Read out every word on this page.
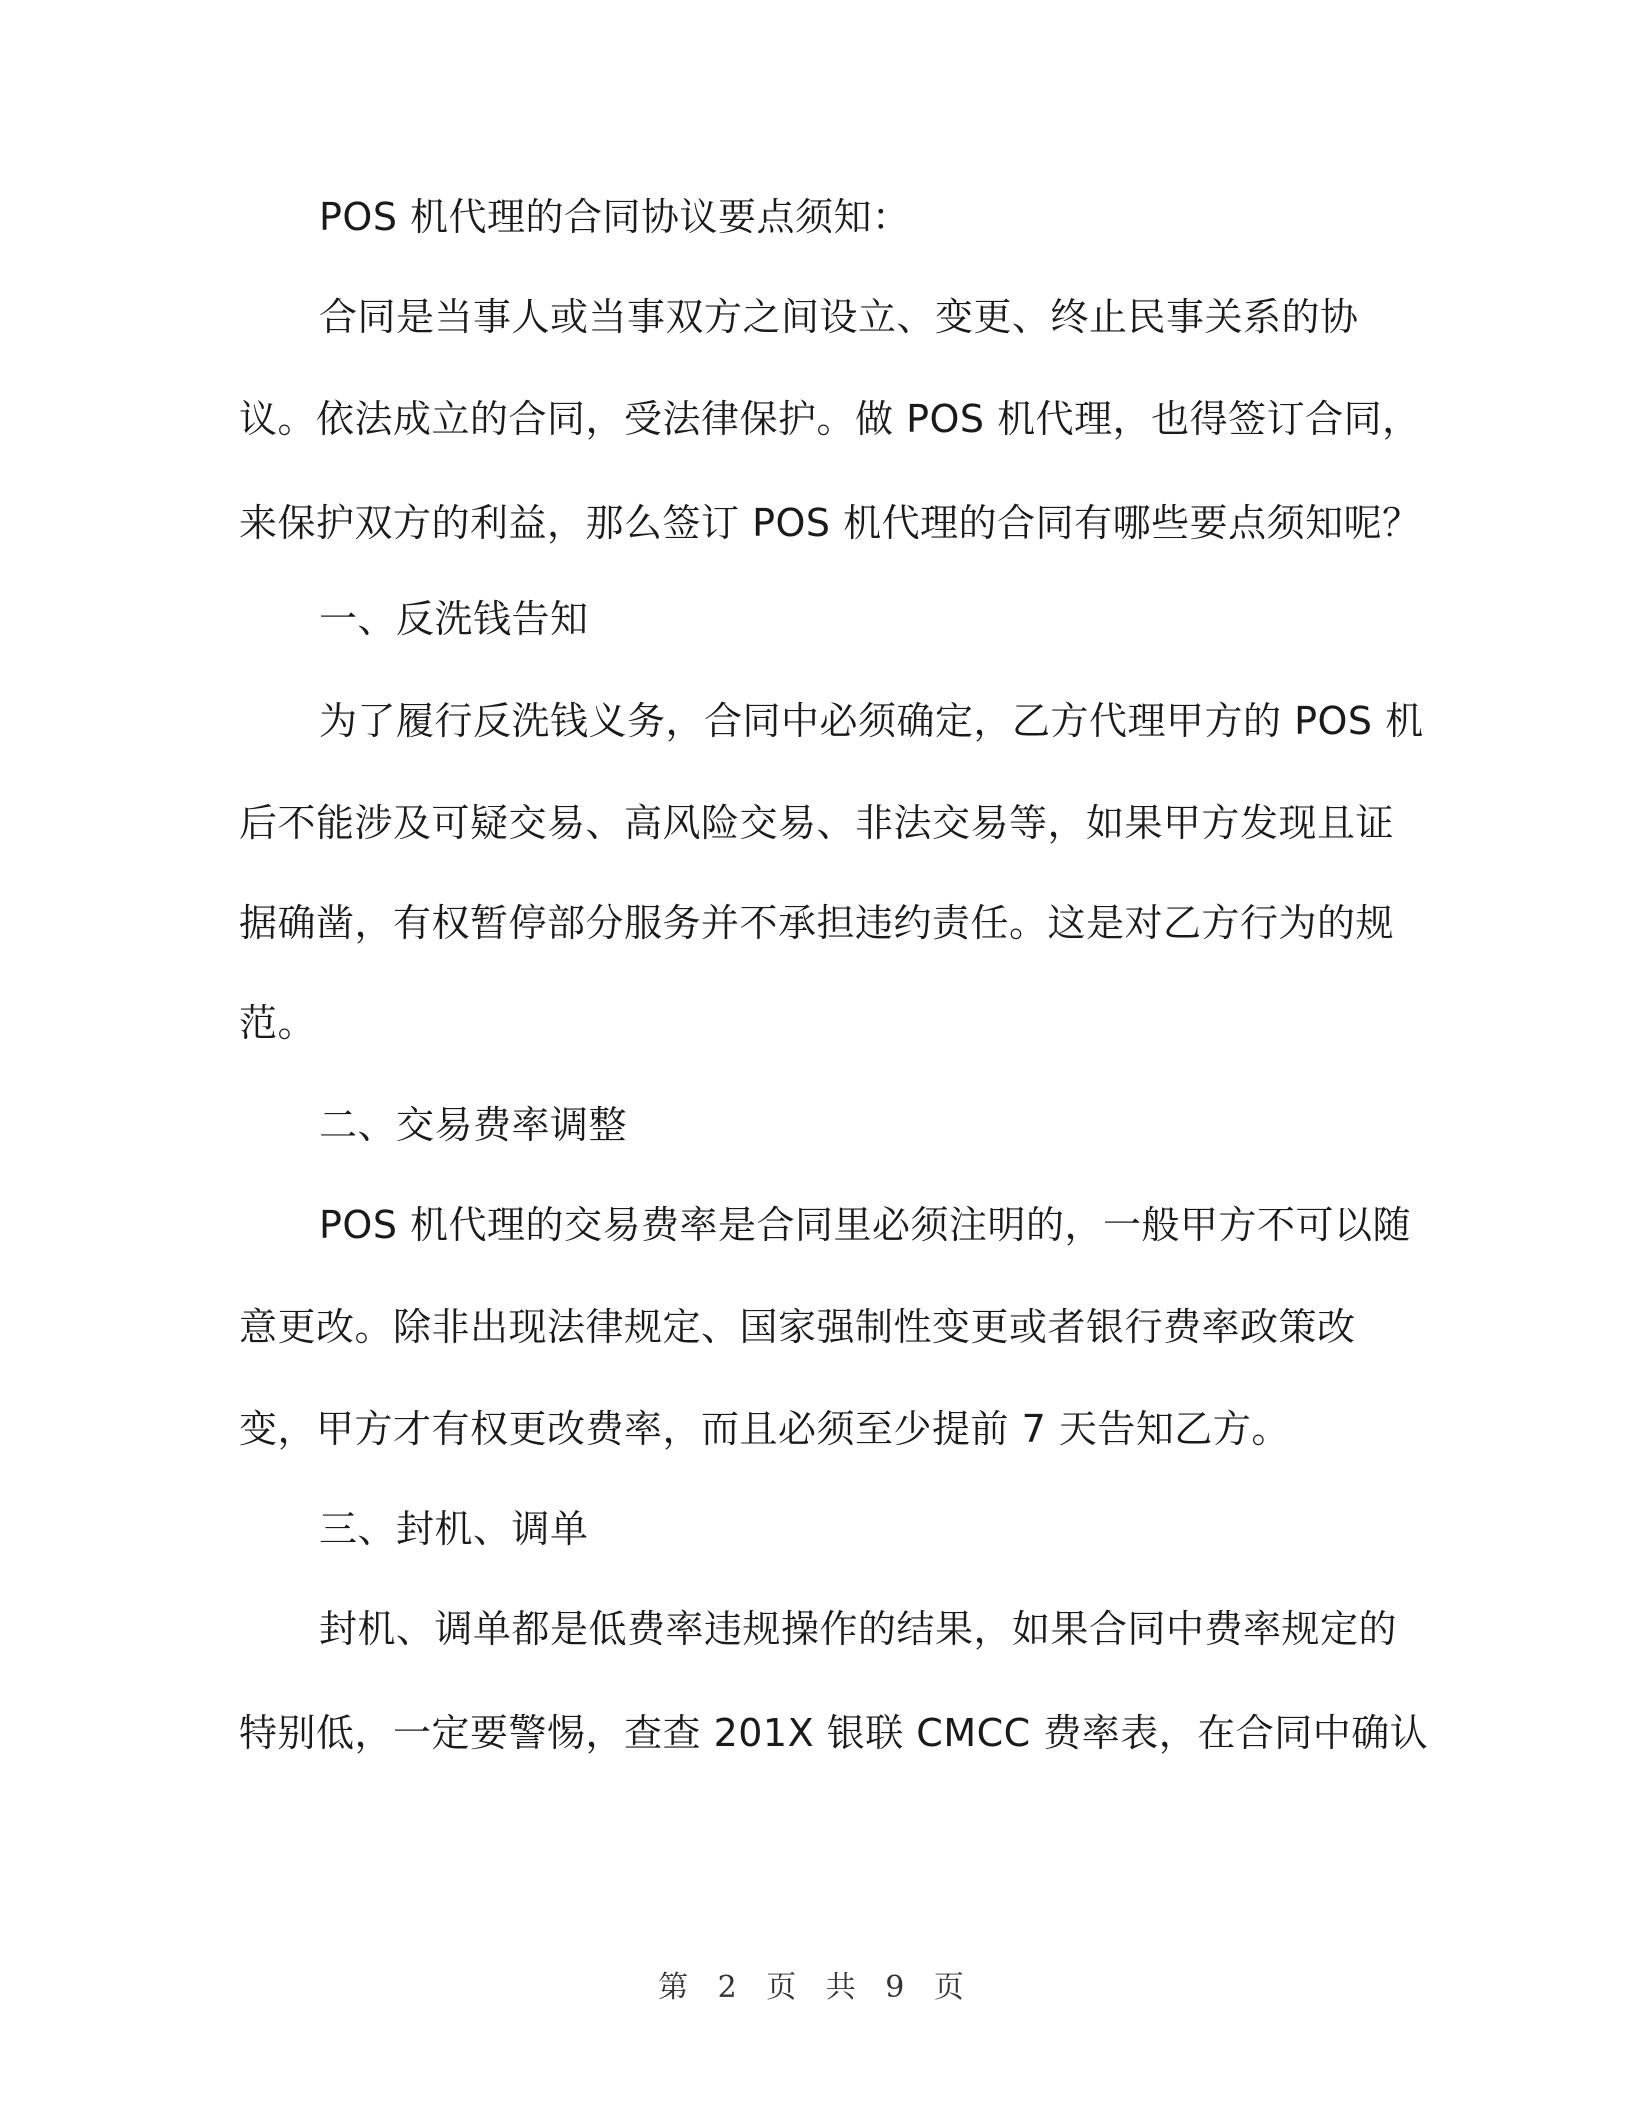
POS 机代理的合同协议要点须知：
合同是当事人或当事双方之间设立、变更、终止民事关系的协
议。依法成立的合同，受法律保护。做 POS 机代理，也得签订合同，
来保护双方的利益，那么签订 POS 机代理的合同有哪些要点须知呢？
一、反洗钱告知
为了履行反洗钱义务，合同中必须确定，乙方代理甲方的 POS 机
后不能涉及可疑交易、高风险交易、非法交易等，如果甲方发现且证
据确凿，有权暂停部分服务并不承担违约责任。这是对乙方行为的规
范。
二、交易费率调整
POS 机代理的交易费率是合同里必须注明的，一般甲方不可以随
意更改。除非出现法律规定、国家强制性变更或者银行费率政策改
变，甲方才有权更改费率，而且必须至少提前 7 天告知乙方。
三、封机、调单
封机、调单都是低费率违规操作的结果，如果合同中费率规定的
特别低，一定要警惕，查查 201X 银联 CMCC 费率表，在合同中确认
第 2 页 共 9 页
